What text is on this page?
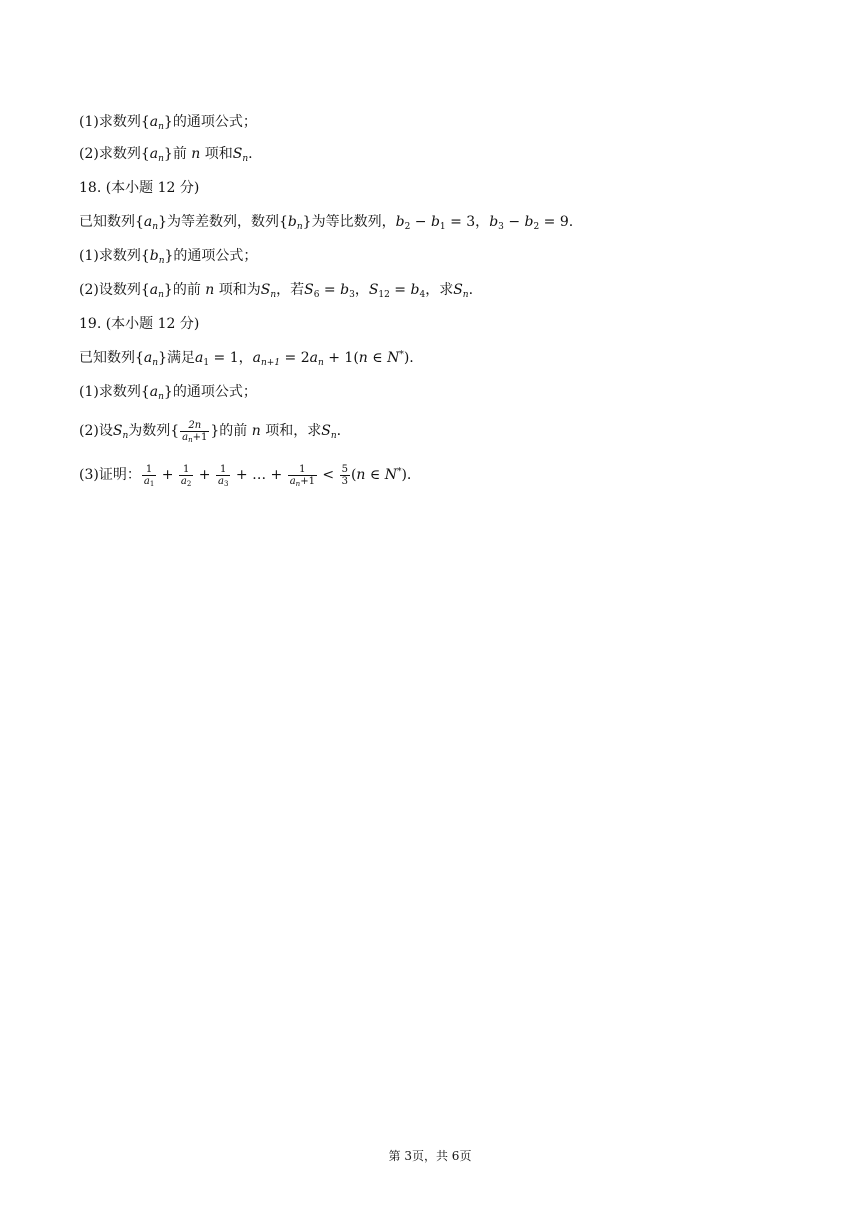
(1)求数列$\{a_n\}$的通项公式；
(2)求数列$\{a_n\}$前 n 项和$S_n$.
18. (本小题 12 分)
已知数列$\{a_n\}$为等差数列，数列$\{b_n\}$为等比数列，$b_2 - b_1 = 3$，$b_3 - b_2 = 9$.
(1)求数列$\{b_n\}$的通项公式；
(2)设数列$\{a_n\}$的前 n 项和为$S_n$，若$S_6 = b_3$，$S_{12} = b_4$，求$S_n$.
19. (本小题 12 分)
已知数列$\{a_n\}$满足$a_1 = 1$，$a_{n+1} = 2a_n + 1(n$ ∈ N*).
(1)求数列$\{a_n\}$的通项公式；
(2)设$S_n$为数列{ $\frac{2n}{a_n+1}$ }的前 n 项和，求$S_n$.
(3)证明： $\frac{1}{a_1} + \frac{1}{a_2} + \frac{1}{a_3}$ + … + $\frac{1}{a_n+1} < \frac{5}{3} (n$ ∈ N*).
第 3页，共 6页
